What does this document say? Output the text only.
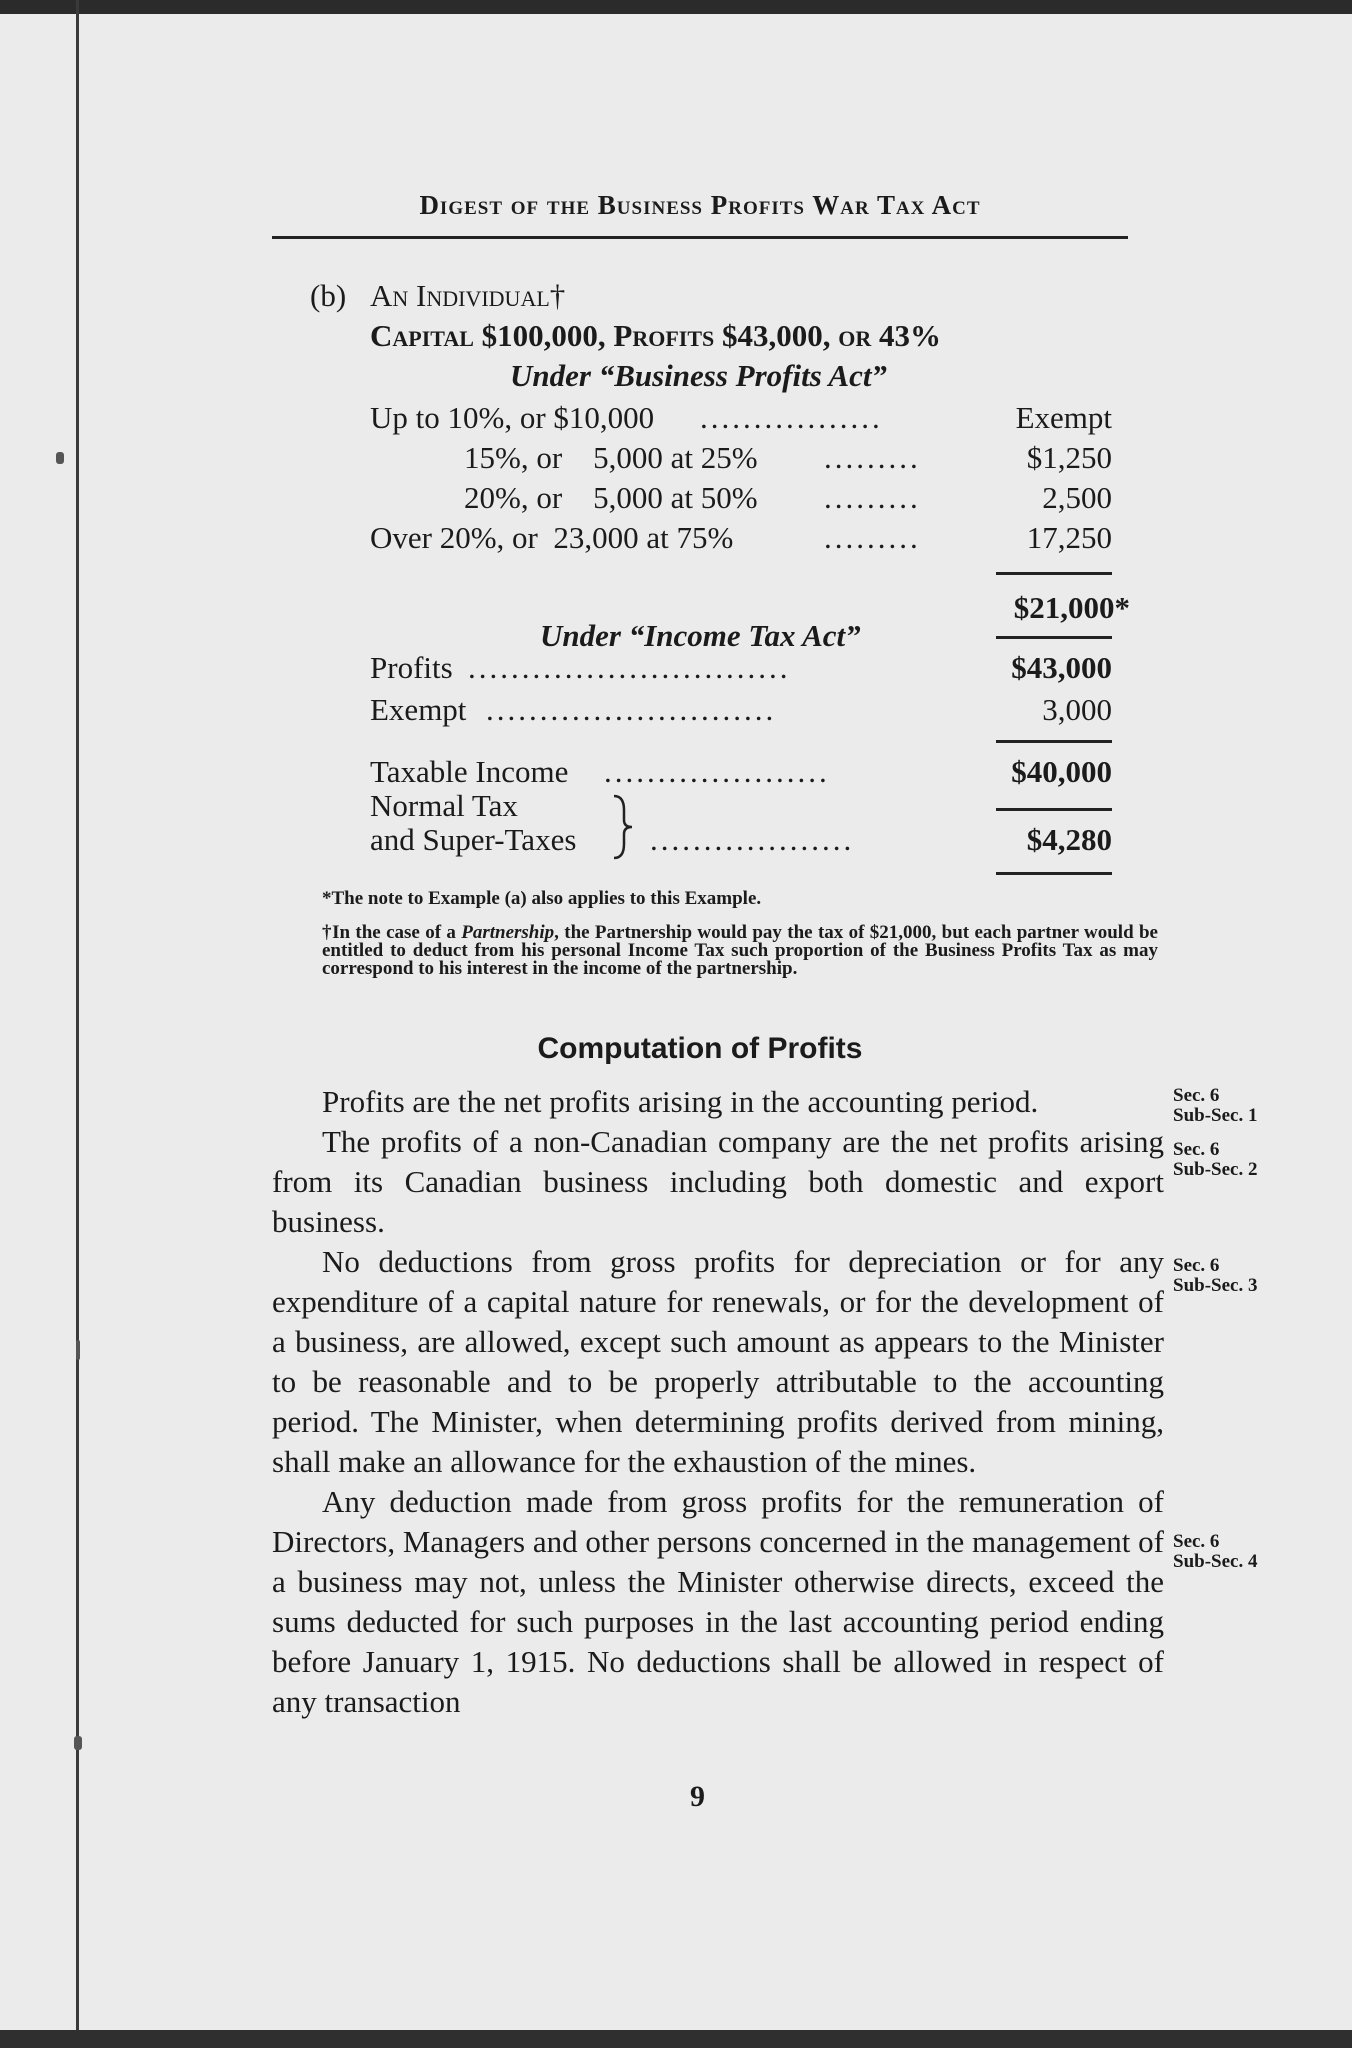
Digest of the Business Profits War Tax Act
(b) An Individual†
Capital $100,000, Profits $43,000, or 43%
Under “Business Profits Act”
Up to 10%, or $10,000 .................	Exempt
15%, or    5,000 at 25% .........	$1,250
20%, or    5,000 at 50% .........	2,500
Over 20%, or  23,000 at 75%	.........	17,250
$21,000*
Under “Income Tax Act”
Profits ..............................	$43,000
Exempt ...........................	3,000
Taxable Income .....................	$40,000
Normal Tax
and Super-Taxes ...................	$4,280
*The note to Example (a) also applies to this Example.
†In the case of a Partnership, the Partnership would pay the tax of $21,000, but each partner would be entitled to deduct from his personal Income Tax such proportion of the Business Profits Tax as may correspond to his interest in the income of the partnership.
Computation of Profits

Profits are the net profits arising in the accounting period.

The profits of a non-Canadian company are the net profits arising from its Canadian business including both domestic and export business.

No deductions from gross profits for depreciation or for any expenditure of a capital nature for renewals, or for the development of a business, are allowed, except such amount as appears to the Minister to be reasonable and to be properly attributable to the accounting period. The Minister, when determining profits derived from mining, shall make an allowance for the exhaustion of the mines.

Any deduction made from gross profits for the remuneration of Directors, Managers and other persons concerned in the management of a business may not, unless the Minister otherwise directs, exceed the sums deducted for such purposes in the last accounting period ending before January 1, 1915. No deductions shall be allowed in respect of any transaction

Sec. 6
Sub-Sec. 1
Sec. 6
Sub-Sec. 2
Sec. 6
Sub-Sec. 3
Sec. 6
Sub-Sec. 4
9
